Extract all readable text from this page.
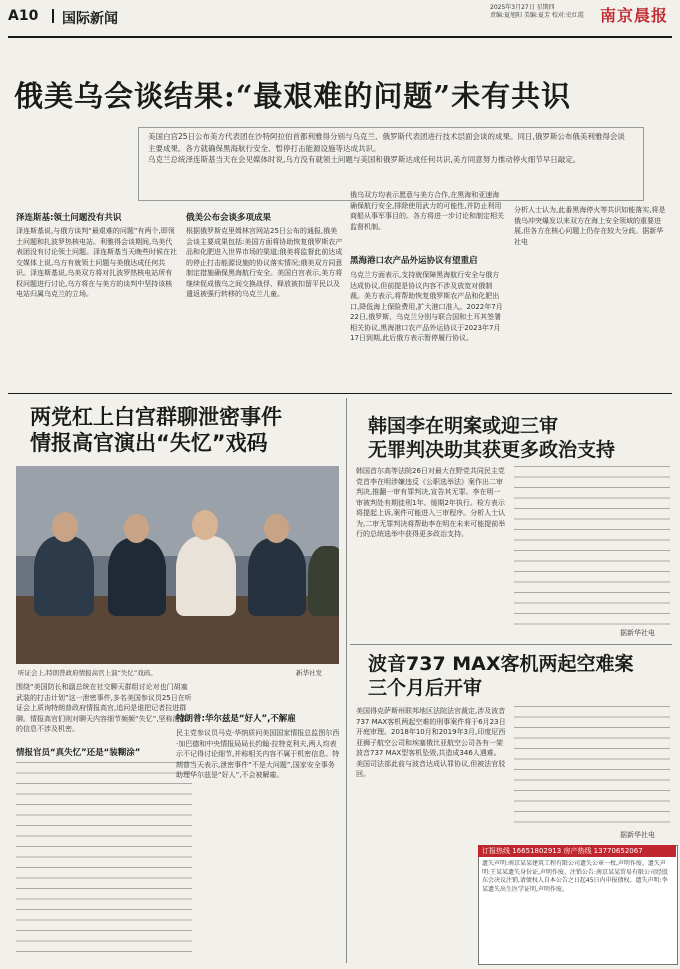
A10 国际新闻
2025年3月27日 星期四
责编:夏旭阳 美编:夏芳 校对:史红霞 南京晨报
俄美乌会谈结果:“最艰难的问题”未有共识
美国白宫25日公布美方代表团在沙特阿拉伯首都利雅得分别与乌克兰、俄罗斯代表团进行技术层面会谈的成果。同日,俄罗斯公布俄美利雅得会谈主要成果。各方就确保黑海航行安全、暂停打击能源设施等达成共识。
乌克兰总统泽连斯基当天在会见媒体时说,乌方没有就领土问题与美国和俄罗斯达成任何共识,美方同意努力推动停火细节早日敲定。
泽连斯基:领土问题没有共识
泽连斯基说,与俄方谈判“最艰难的问题”有两个,即领土问题和扎波罗热核电站。利雅得会谈期间,乌美代表团没有讨论领土问题。泽连斯基当天晚些时候在社交媒体上说,乌方有就领土问题与美俄达成任何共识。泽连斯基说,乌美双方将对扎波罗热核电站所有权问题进行讨论,乌方将在与美方的谈判中坚持该核电站归属乌克兰的立场。
俄美公布会谈多项成果
根据俄罗斯克里姆林宫网站25日公布的通报,俄美会谈主要成果包括:美国方面将协助恢复俄罗斯农产品和化肥进入世界市场的渠道;俄美将监督此前达成的停止打击能源设施的协议落实情况;俄美双方同意制定措施确保黑海航行安全。美国白宫表示,美方将继续促成俄乌之间交换战俘、释放被扣留平民以及遣返被强行转移的乌克兰儿童。
俄乌双方均表示愿意与美方合作,在黑海和亚速海确保航行安全,排除使用武力的可能性,并防止利用商船从事军事目的。各方将进一步讨论和制定相关监督机制。
黑海港口农产品外运协议有望重启
乌克兰方面表示,支持就保障黑海航行安全与俄方达成协议,但前提是协议内容不涉及放宽对俄制裁。美方表示,将帮助恢复俄罗斯农产品和化肥出口,降低海上保险费用,扩大港口准入。2022年7月22日,俄罗斯、乌克兰分别与联合国和土耳其签署相关协议,黑海港口农产品外运协议于2023年7月17日到期,此后俄方表示暂停履行协议。
分析人士认为,此番黑海停火等共识如能落实,将是俄乌冲突爆发以来双方在海上安全领域的重要进展,但各方在核心问题上仍存在较大分歧。据新华社电
两党杠上白宫群聊泄密事件
情报高官演出“失忆”戏码
听证会上,特朗普政府情报高官上演“失忆”戏码。	新华社发
围绕“美国防长和副总统在社交聊天群组讨论对也门胡塞武装的打击计划”这一泄密事件,多名美国参议员25日在听证会上质询特朗普政府情报高官,追问是谁把记者拉进群聊。情报高官们则对聊天内容细节频频“失忆”,坚称泄露的信息不涉及机密。
情报官员“真失忆”还是“装糊涂”
特朗普:华尔兹是“好人”,不解雇
民主党参议员马克·华纳质问美国国家情报总监图尔西·加巴德和中央情报局局长约翰·拉特克利夫,两人均表示不记得讨论细节,并称相关内容不属于机密信息。特朗普当天表示,泄密事件“不是大问题”,国家安全事务助理华尔兹是“好人”,不会被解雇。
韩国李在明案或迎三审
无罪判决助其获更多政治支持
韩国首尔高等法院26日对最大在野党共同民主党党首李在明涉嫌违反《公职选举法》案作出二审判决,推翻一审有罪判决,宣告其无罪。李在明一审被判处有期徒刑1年、缓期2年执行。检方表示将提起上诉,案件可能进入三审程序。分析人士认为,二审无罪判决将帮助李在明在未来可能提前举行的总统选举中获得更多政治支持。
据新华社电
波音737 MAX客机两起空难案
三个月后开审
美国得克萨斯州联邦地区法院法官裁定,涉及波音737 MAX客机两起空难的刑事案件将于6月23日开庭审理。2018年10月和2019年3月,印度尼西亚狮子航空公司和埃塞俄比亚航空公司各有一架波音737 MAX型客机坠毁,共造成346人遇难。美国司法部此前与波音达成认罪协议,但被法官驳回。
据新华社电
订报热线 16651802913 房产热线 13770652067
遗失声明:南京某某建筑工程有限公司遗失公章一枚,声明作废。遗失声明:王某某遗失身份证,声明作废。注销公告:南京某某贸易有限公司经股东会决议注销,请债权人自本公告之日起45日内申报债权。遗失声明:李某遗失出生医学证明,声明作废。
